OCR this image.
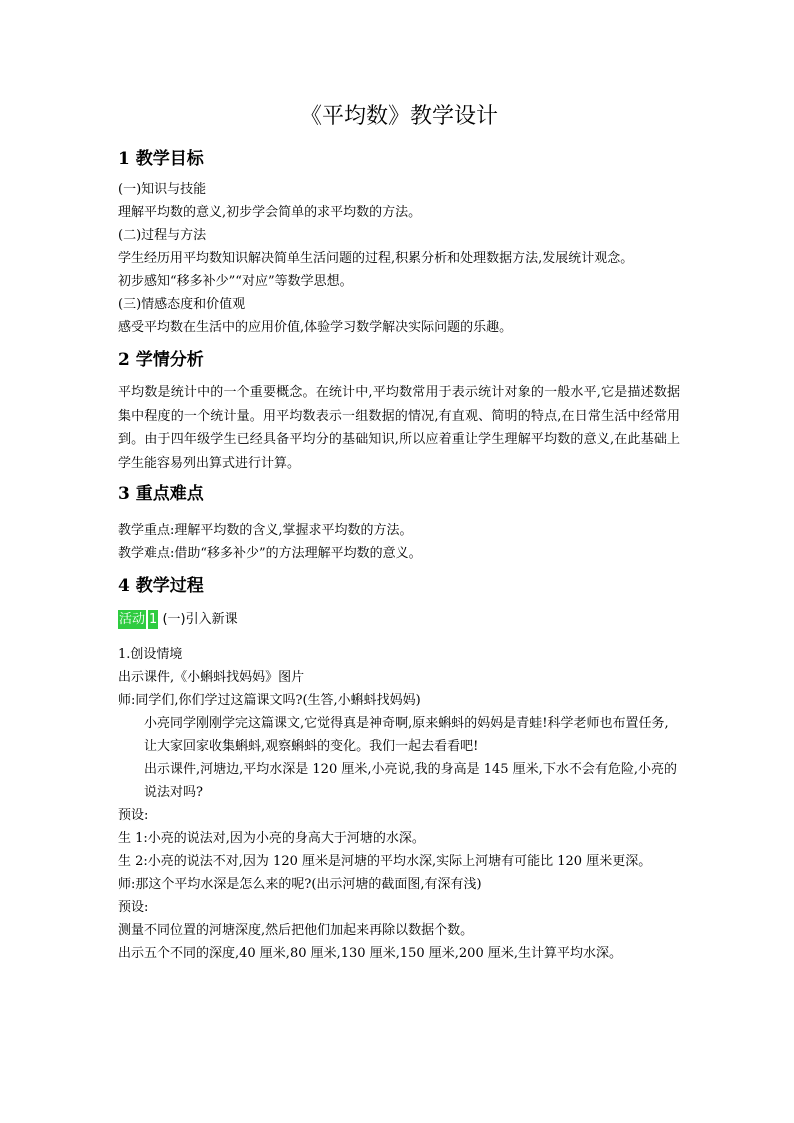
《平均数》教学设计
1 教学目标
(一)知识与技能
理解平均数的意义,初步学会简单的求平均数的方法。
(二)过程与方法
学生经历用平均数知识解决简单生活问题的过程,积累分析和处理数据方法,发展统计观念。
初步感知“移多补少”“对应”等数学思想。
(三)情感态度和价值观
感受平均数在生活中的应用价值,体验学习数学解决实际问题的乐趣。
2 学情分析
平均数是统计中的一个重要概念。在统计中,平均数常用于表示统计对象的一般水平,它是描述数据集中程度的一个统计量。用平均数表示一组数据的情况,有直观、简明的特点,在日常生活中经常用到。由于四年级学生已经具备平均分的基础知识,所以应着重让学生理解平均数的意义,在此基础上学生能容易列出算式进行计算。
3 重点难点
教学重点:理解平均数的含义,掌握求平均数的方法。
教学难点:借助“移多补少”的方法理解平均数的意义。
4 教学过程
活动 1 (一)引入新课
1.创设情境
出示课件,《小蝌蚪找妈妈》图片
师:同学们,你们学过这篇课文吗?(生答,小蝌蚪找妈妈)
小亮同学刚刚学完这篇课文,它觉得真是神奇啊,原来蝌蚪的妈妈是青蛙!科学老师也布置任务,让大家回家收集蝌蚪,观察蝌蚪的变化。我们一起去看看吧!
出示课件,河塘边,平均水深是 120 厘米,小亮说,我的身高是 145 厘米,下水不会有危险,小亮的说法对吗?
预设:
生 1:小亮的说法对,因为小亮的身高大于河塘的水深。
生 2:小亮的说法不对,因为 120 厘米是河塘的平均水深,实际上河塘有可能比 120 厘米更深。
师:那这个平均水深是怎么来的呢?(出示河塘的截面图,有深有浅)
预设:
测量不同位置的河塘深度,然后把他们加起来再除以数据个数。
出示五个不同的深度,40 厘米,80 厘米,130 厘米,150 厘米,200 厘米,生计算平均水深。
